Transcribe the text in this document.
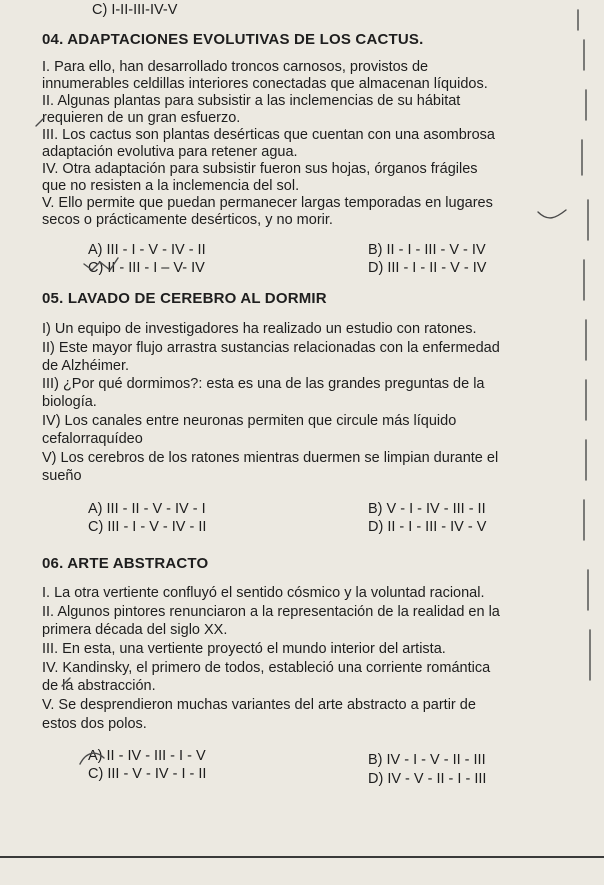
C) I-II-III-IV-V
04. ADAPTACIONES EVOLUTIVAS DE LOS CACTUS.
I. Para ello, han desarrollado troncos carnosos, provistos de
innumerables celdillas interiores conectadas que almacenan líquidos.
II. Algunas plantas para subsistir a las inclemencias de su hábitat
requieren de un gran esfuerzo.
III. Los cactus son plantas desérticas que cuentan con una asombrosa
adaptación evolutiva para retener agua.
IV. Otra adaptación para subsistir fueron sus hojas, órganos frágiles
que no resisten a la inclemencia del sol.
V. Ello permite que puedan permanecer largas temporadas en lugares
secos o prácticamente desérticos, y no morir.
A) III - I - V - IV - II	B) II - I - III - V - IV
C) II - III - I – V- IV	D) III - I - II - V - IV
05. LAVADO DE CEREBRO AL DORMIR
I) Un equipo de investigadores ha realizado un estudio con ratones.
II) Este mayor flujo arrastra sustancias relacionadas con la enfermedad
de Alzhéimer.
III) ¿Por qué dormimos?: esta es una de las grandes preguntas de la
biología.
IV) Los canales entre neuronas permiten que circule más líquido
cefalorraquídeo
V) Los cerebros de los ratones mientras duermen se limpian durante el
sueño
A) III - II - V - IV - I	B) V - I - IV - III - II
C) III - I - V - IV - II	D) II - I - III - IV - V
06. ARTE ABSTRACTO
I. La otra vertiente confluyó el sentido cósmico y la voluntad racional.
II. Algunos pintores renunciaron a la representación de la realidad en la
primera década del siglo XX.
III. En esta, una vertiente proyectó el mundo interior del artista.
IV. Kandinsky, el primero de todos, estableció una corriente romántica
de la abstracción.
V. Se desprendieron muchas variantes del arte abstracto a partir de
estos dos polos.
A) II - IV - III - I - V	B) IV - I - V - II - III
C) III - V - IV - I - II	D) IV - V - II - I - III
